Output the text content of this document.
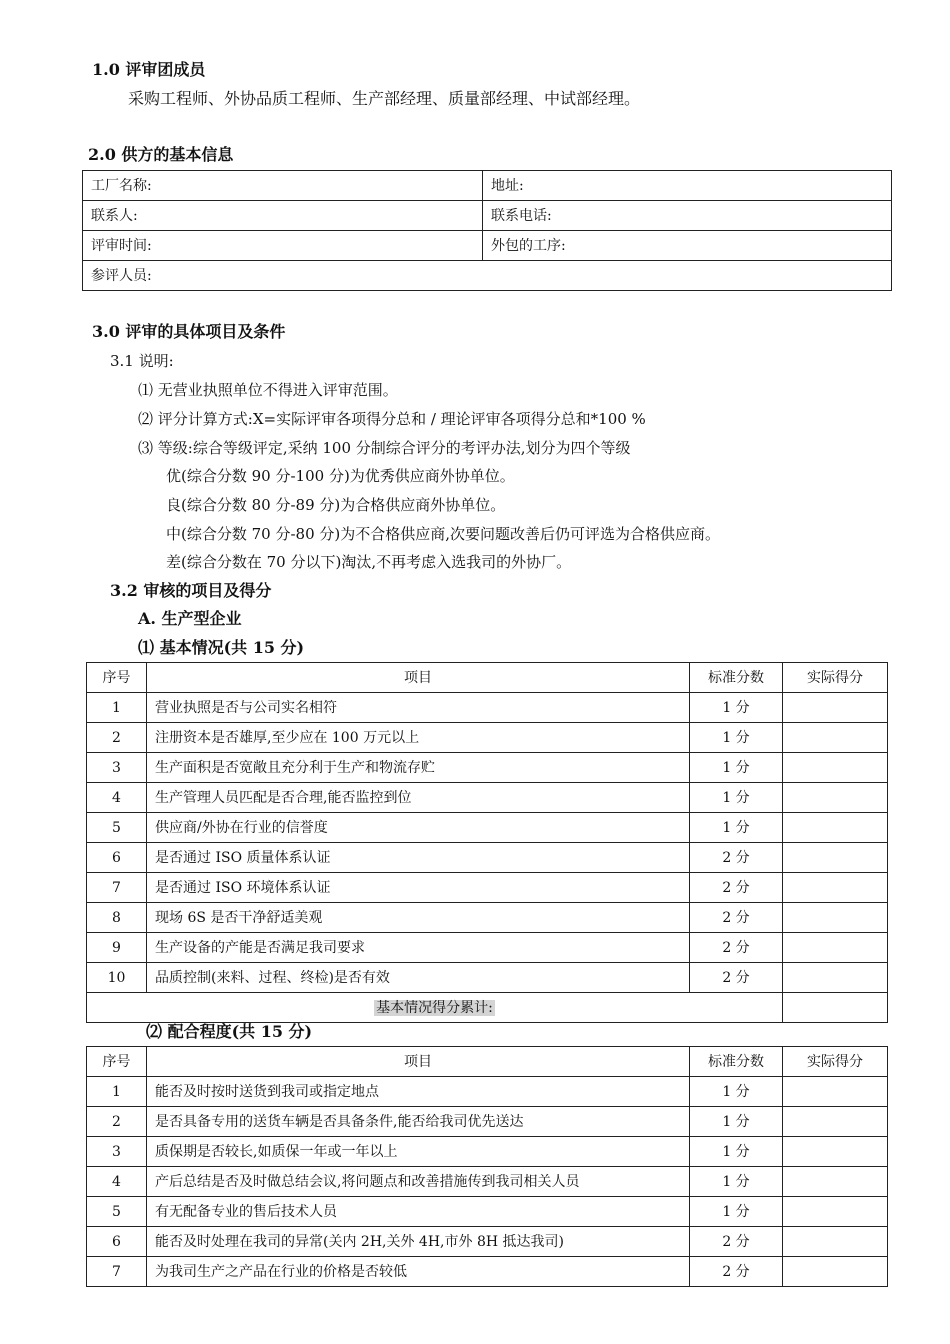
1.0 评审团成员
采购工程师、外协品质工程师、生产部经理、质量部经理、中试部经理。
2.0 供方的基本信息
工厂名称:	地址:
联系人:	联系电话:
评审时间:	外包的工序:
参评人员:	
3.0 评审的具体项目及条件
3.1 说明:
⑴ 无营业执照单位不得进入评审范围。
⑵ 评分计算方式:X=实际评审各项得分总和 / 理论评审各项得分总和*100 %
⑶ 等级:综合等级评定,采纳 100 分制综合评分的考评办法,划分为四个等级
优(综合分数 90 分-100 分)为优秀供应商外协单位。
良(综合分数 80 分-89 分)为合格供应商外协单位。
中(综合分数 70 分-80 分)为不合格供应商,次要问题改善后仍可评选为合格供应商。
差(综合分数在 70 分以下)淘汰,不再考虑入选我司的外协厂。
3.2 审核的项目及得分
A. 生产型企业
⑴ 基本情况(共 15 分)
序号	项目	标准分数	实际得分
1	营业执照是否与公司实名相符	1 分	
2	注册资本是否雄厚,至少应在 100 万元以上	1 分	
3	生产面积是否宽敞且充分利于生产和物流存贮	1 分	
4	生产管理人员匹配是否合理,能否监控到位	1 分	
5	供应商/外协在行业的信誉度	1 分	
6	是否通过 ISO 质量体系认证	2 分	
7	是否通过 ISO 环境体系认证	2 分	
8	现场 6S 是否干净舒适美观	2 分	
9	生产设备的产能是否满足我司要求	2 分	
10	品质控制(来料、过程、终检)是否有效	2 分	
基本情况得分累计:			
⑵ 配合程度(共 15 分)
序号	项目	标准分数	实际得分
1	能否及时按时送货到我司或指定地点	1 分	
2	是否具备专用的送货车辆是否具备条件,能否给我司优先送达	1 分	
3	质保期是否较长,如质保一年或一年以上	1 分	
4	产后总结是否及时做总结会议,将问题点和改善措施传到我司相关人员	1 分	
5	有无配备专业的售后技术人员	1 分	
6	能否及时处理在我司的异常(关内 2H,关外 4H,市外 8H 抵达我司)	2 分	
7	为我司生产之产品在行业的价格是否较低	2 分	
